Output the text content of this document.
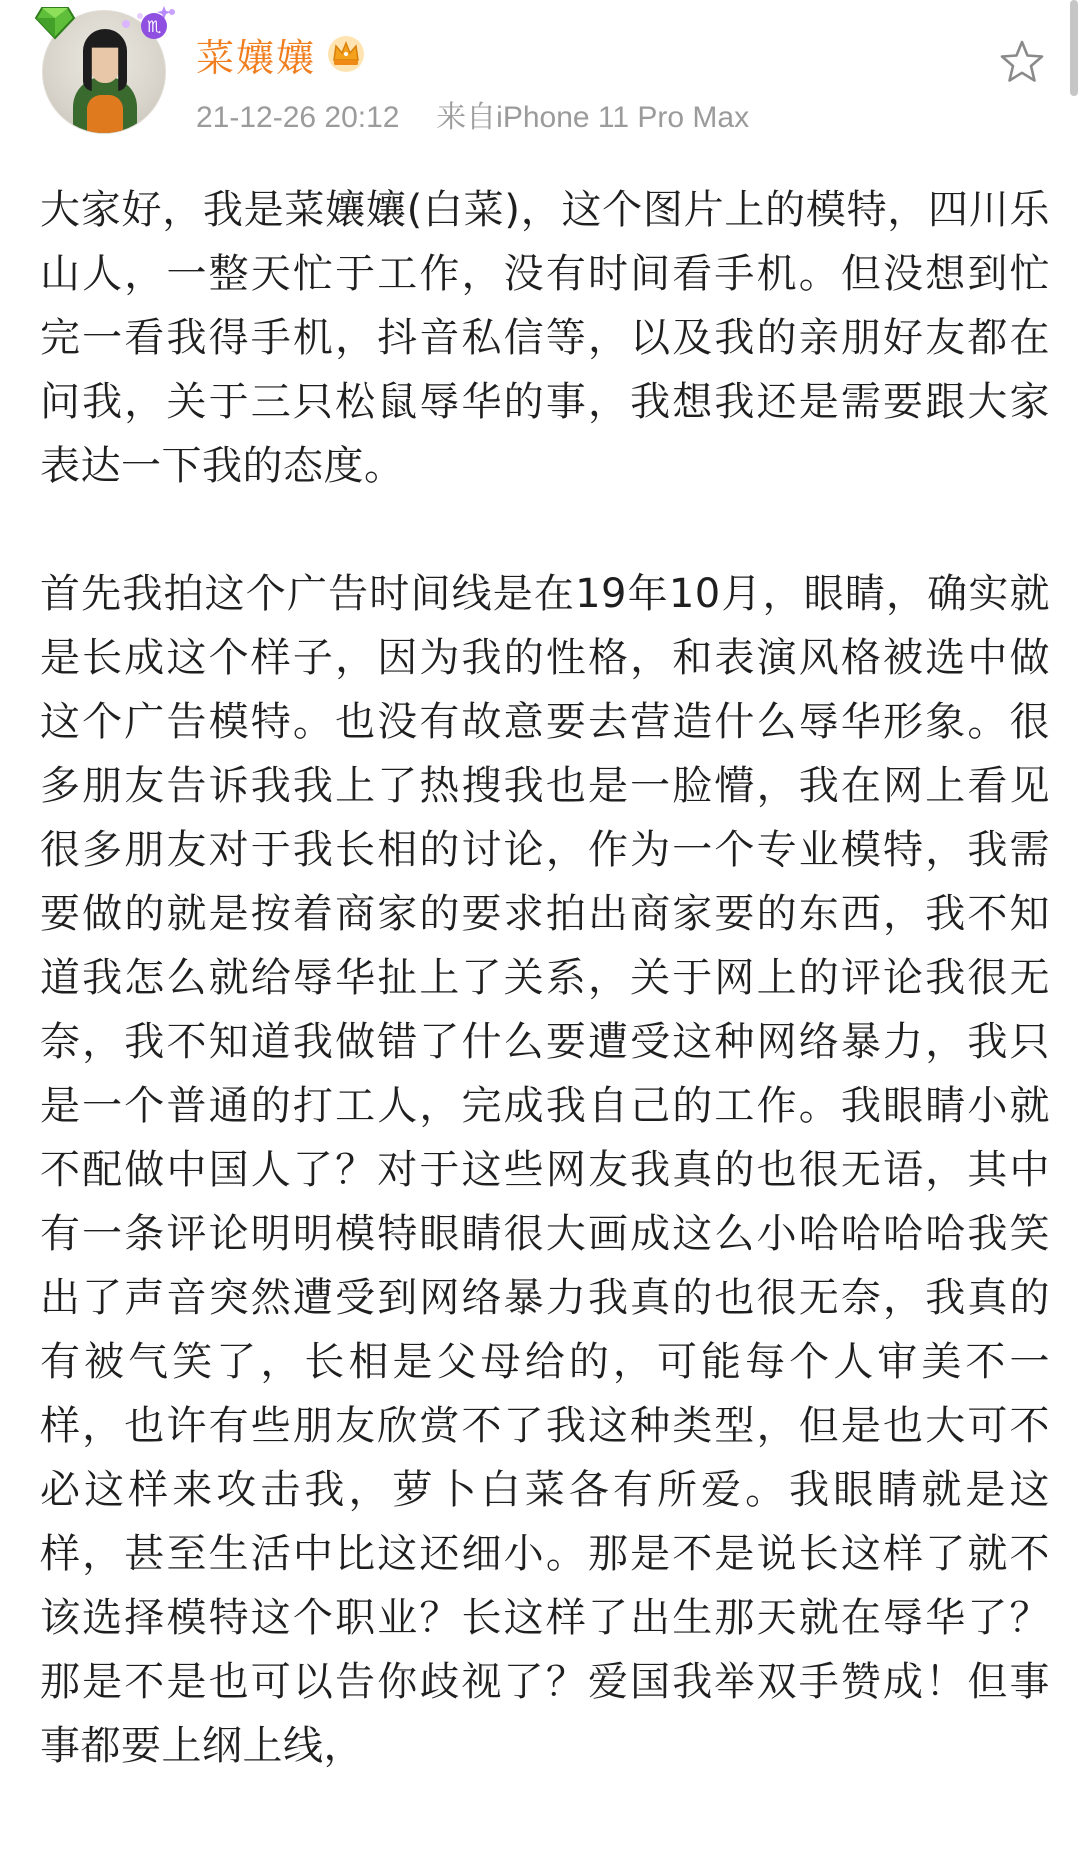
♏
菜孃孃
21-12-26 20:12 来自iPhone 11 Pro Max

大家好，我是菜孃孃(白菜)，这个图片上的模特，四川乐山人，一整天忙于工作，没有时间看手机。但没想到忙完一看我得手机，抖音私信等，以及我的亲朋好友都在问我，关于三只松鼠辱华的事，我想我还是需要跟大家表达一下我的态度。

首先我拍这个广告时间线是在19年10月，眼睛，确实就是长成这个样子，因为我的性格，和表演风格被选中做这个广告模特。也没有故意要去营造什么辱华形象。很多朋友告诉我我上了热搜我也是一脸懵，我在网上看见很多朋友对于我长相的讨论，作为一个专业模特，我需要做的就是按着商家的要求拍出商家要的东西，我不知道我怎么就给辱华扯上了关系，关于网上的评论我很无奈，我不知道我做错了什么要遭受这种网络暴力，我只是一个普通的打工人，完成我自己的工作。我眼睛小就不配做中国人了？对于这些网友我真的也很无语，其中有一条评论明明模特眼睛很大画成这么小哈哈哈哈我笑出了声音突然遭受到网络暴力我真的也很无奈，我真的有被气笑了，长相是父母给的，可能每个人审美不一样，也许有些朋友欣赏不了我这种类型，但是也大可不必这样来攻击我，萝卜白菜各有所爱。我眼睛就是这样，甚至生活中比这还细小。那是不是说长这样了就不该选择模特这个职业？长这样了出生那天就在辱华了？那是不是也可以告你歧视了？爱国我举双手赞成！但事事都要上纲上线，
